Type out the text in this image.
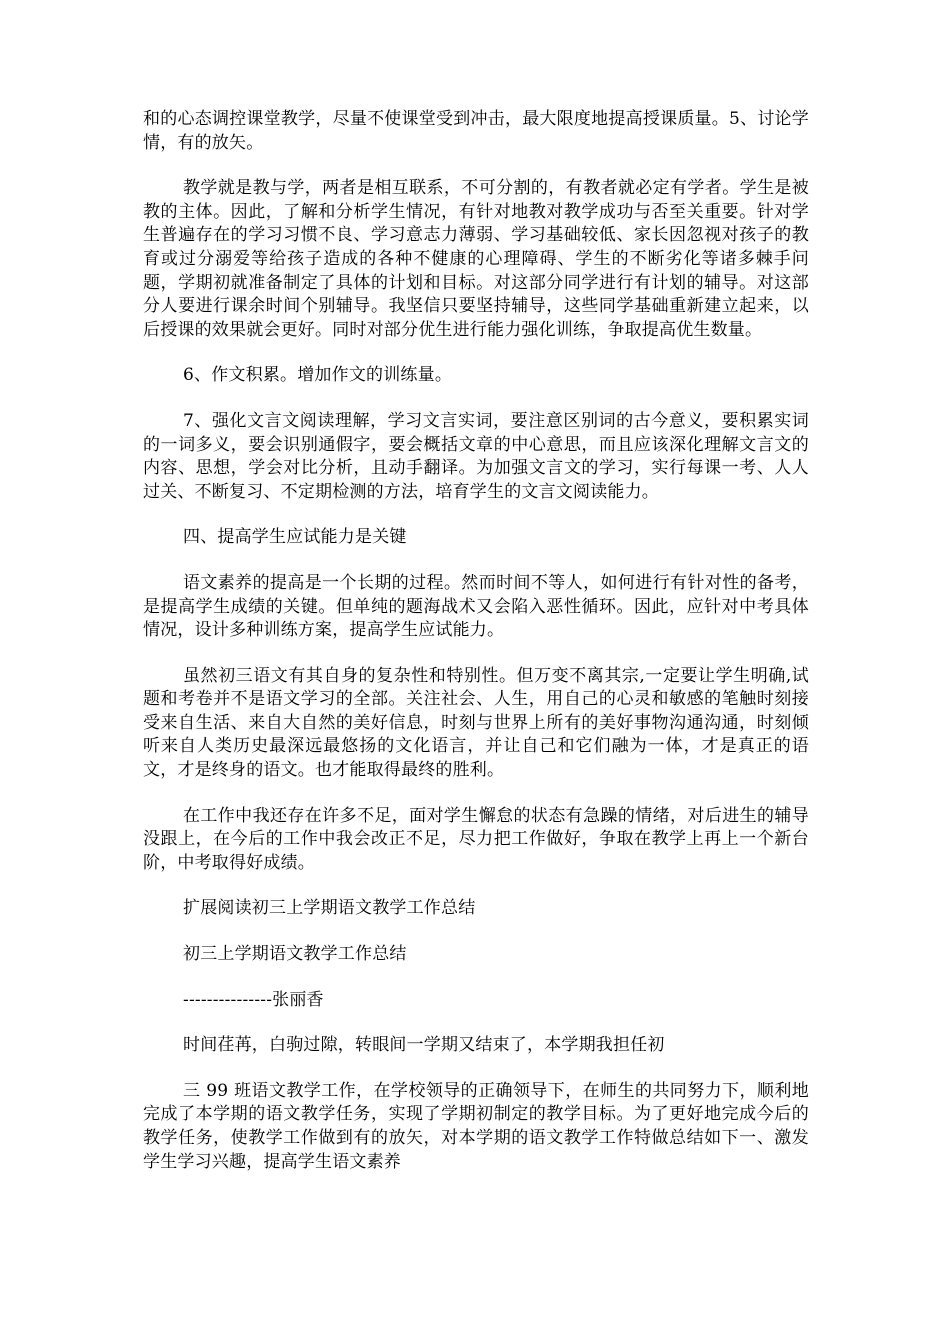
和的心态调控课堂教学，尽量不使课堂受到冲击，最大限度地提高授课质量。5、讨论学情，有的放矢。

教学就是教与学，两者是相互联系，不可分割的，有教者就必定有学者。学生是被教的主体。因此，了解和分析学生情况，有针对地教对教学成功与否至关重要。针对学生普遍存在的学习习惯不良、学习意志力薄弱、学习基础较低、家长因忽视对孩子的教育或过分溺爱等给孩子造成的各种不健康的心理障碍、学生的不断劣化等诸多棘手问题，学期初就准备制定了具体的计划和目标。对这部分同学进行有计划的辅导。对这部分人要进行课余时间个别辅导。我坚信只要坚持辅导，这些同学基础重新建立起来，以后授课的效果就会更好。同时对部分优生进行能力强化训练，争取提高优生数量。

6、作文积累。增加作文的训练量。

7、强化文言文阅读理解，学习文言实词，要注意区别词的古今意义，要积累实词的一词多义，要会识别通假字，要会概括文章的中心意思，而且应该深化理解文言文的内容、思想，学会对比分析，且动手翻译。为加强文言文的学习，实行每课一考、人人过关、不断复习、不定期检测的方法，培育学生的文言文阅读能力。

四、提高学生应试能力是关键

语文素养的提高是一个长期的过程。然而时间不等人，如何进行有针对性的备考，是提高学生成绩的关键。但单纯的题海战术又会陷入恶性循环。因此，应针对中考具体情况，设计多种训练方案，提高学生应试能力。

虽然初三语文有其自身的复杂性和特别性。但万变不离其宗,一定要让学生明确,试题和考卷并不是语文学习的全部。关注社会、人生，用自己的心灵和敏感的笔触时刻接受来自生活、来自大自然的美好信息，时刻与世界上所有的美好事物沟通沟通，时刻倾听来自人类历史最深远最悠扬的文化语言，并让自己和它们融为一体，才是真正的语文，才是终身的语文。也才能取得最终的胜利。

在工作中我还存在许多不足，面对学生懈怠的状态有急躁的情绪，对后进生的辅导没跟上，在今后的工作中我会改正不足，尽力把工作做好，争取在教学上再上一个新台阶，中考取得好成绩。

扩展阅读初三上学期语文教学工作总结

初三上学期语文教学工作总结

---------------张丽香

时间荏苒，白驹过隙，转眼间一学期又结束了，本学期我担任初

三 99 班语文教学工作，在学校领导的正确领导下，在师生的共同努力下，顺利地完成了本学期的语文教学任务，实现了学期初制定的教学目标。为了更好地完成今后的教学任务，使教学工作做到有的放矢，对本学期的语文教学工作特做总结如下一、激发学生学习兴趣，提高学生语文素养
